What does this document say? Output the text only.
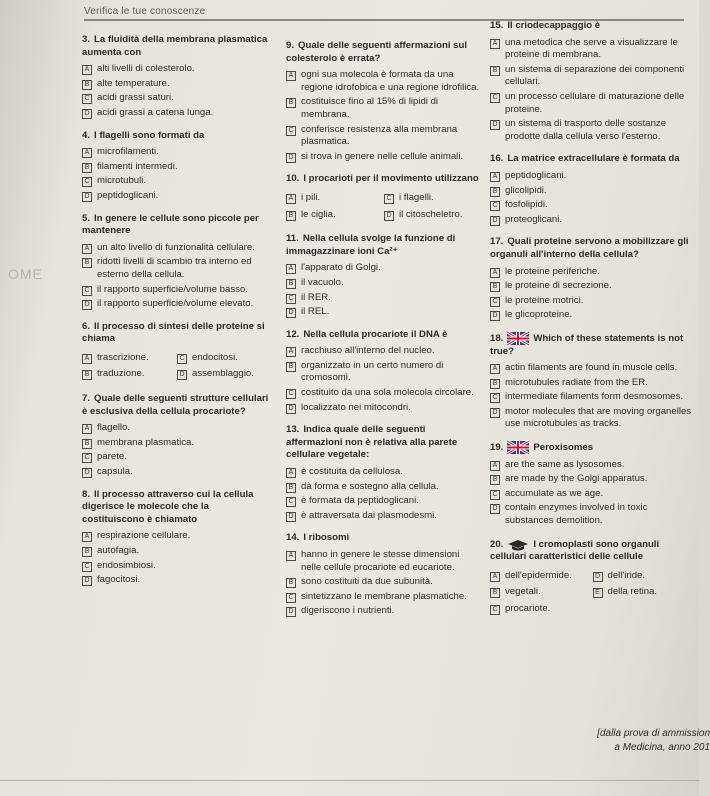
Verifica le tue conoscenze
OME
3. La fluidità della membrana plasmatica aumenta con
A alti livelli di colesterolo.
B alte temperature.
C acidi grassi saturi.
D acidi grassi a catena lunga.
4. I flagelli sono formati da
A microfilamenti.
B filamenti intermedi.
C microtubuli.
D peptidoglicani.
5. In genere le cellule sono piccole per mantenere
A un alto livello di funzionalità cellulare.
B ridotti livelli di scambio tra interno ed esterno della cellula.
C il rapporto superficie/volume basso.
D il rapporto superficie/volume elevato.
6. Il processo di sintesi delle proteine si chiama
A trascrizione.	C endocitosi.
B traduzione.	D assemblaggio.
7. Quale delle seguenti strutture cellulari è esclusiva della cellula procariote?
A flagello.
B membrana plasmatica.
C parete.
D capsula.
8. Il processo attraverso cui la cellula digerisce le molecole che la costituiscono è chiamato
A respirazione cellulare.
B autofagia.
C endosimbiosi.
D fagocitosi.
9. Quale delle seguenti affermazioni sul colesterolo è errata?
A ogni sua molecola è formata da una regione idrofobica e una regione idrofilica.
B costituisce fino al 15% di lipidi di membrana.
C conferisce resistenza alla membrana plasmatica.
D si trova in genere nelle cellule animali.
10. I procarioti per il movimento utilizzano
A i pili.	C i flagelli.
B le ciglia.	D il citoscheletro.
11. Nella cellula svolge la funzione di immagazzinare ioni Ca²⁺
A l'apparato di Golgi.
B il vacuolo.
C il RER.
D il REL.
12. Nella cellula procariote il DNA è
A racchiuso all'interno del nucleo.
B organizzato in un certo numero di cromosomi.
C costituito da una sola molecola circolare.
D localizzato nei mitocondri.
13. Indica quale delle seguenti affermazioni non è relativa alla parete cellulare vegetale:
A è costituita da cellulosa.
B dà forma e sostegno alla cellula.
C è formata da peptidoglicani.
D è attraversata dai plasmodesmi.
14. I ribosomi
A hanno in genere le stesse dimensioni nelle cellule procariote ed eucariote.
B sono costituiti da due subunità.
C sintetizzano le membrane plasmatiche.
D digeriscono i nutrienti.
15. Il criodecappaggio è
A una metodica che serve a visualizzare le proteine di membrana.
B un sistema di separazione dei componenti cellulari.
C un processo cellulare di maturazione delle proteine.
D un sistema di trasporto delle sostanze prodotte dalla cellula verso l'esterno.
16. La matrice extracellulare è formata da
A peptidoglicani.
B glicolipidi.
C fosfolipidi.
D proteoglicani.
17. Quali proteine servono a mobilizzare gli organuli all'interno della cellula?
A le proteine periferiche.
B le proteine di secrezione.
C le proteine motrici.
D le glicoproteine.
18.	Which of these statements is not true?
A actin filaments are found in muscle cells.
B microtubules radiate from the ER.
C intermediate filaments form desmosomes.
D motor molecules that are moving organelles use microtubules as tracks.
19.	Peroxisomes
A are the same as lysosomes.
B are made by the Golgi apparatus.
C accumulate as we age.
D contain enzymes involved in toxic substances demolition.
20.	I cromoplasti sono organuli cellulari caratteristici delle cellule
A dell'epidermide.	D dell'iride.
B vegetali.	E della retina.
C procariote.
[dalla prova di ammission
a Medicina, anno 201
